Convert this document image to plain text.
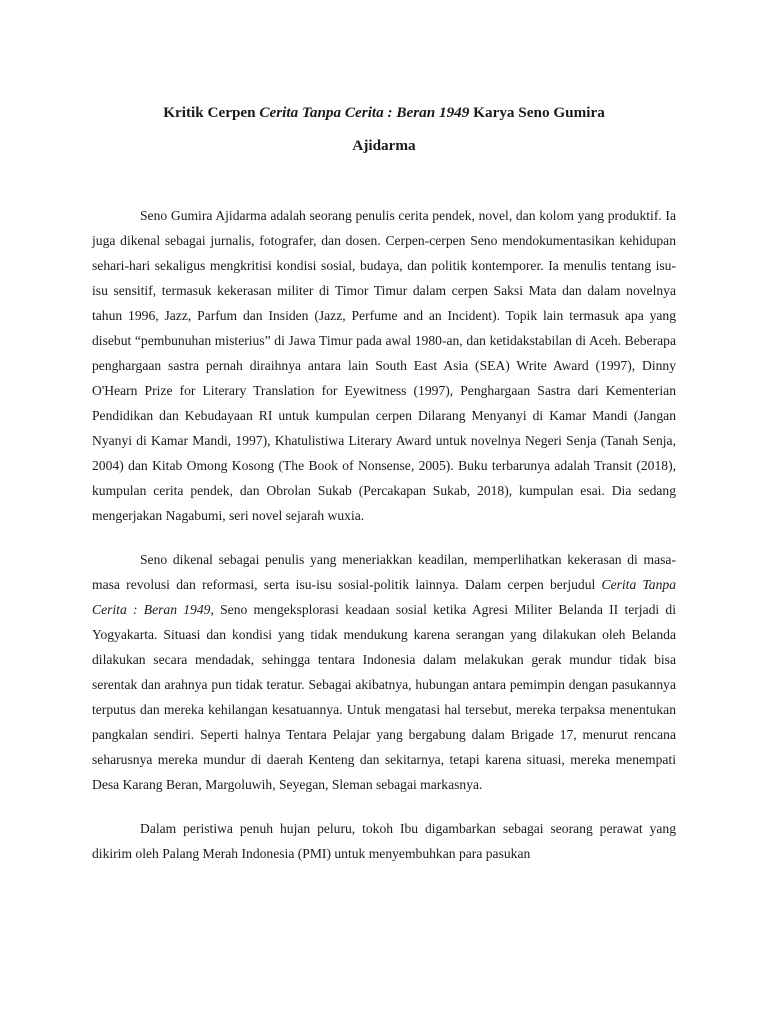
Kritik Cerpen Cerita Tanpa Cerita : Beran 1949 Karya Seno Gumira
Ajidarma

Seno Gumira Ajidarma adalah seorang penulis cerita pendek, novel, dan kolom yang produktif. Ia juga dikenal sebagai jurnalis, fotografer, dan dosen. Cerpen-cerpen Seno mendokumentasikan kehidupan sehari-hari sekaligus mengkritisi kondisi sosial, budaya, dan politik kontemporer. Ia menulis tentang isu-isu sensitif, termasuk kekerasan militer di Timor Timur dalam cerpen Saksi Mata dan dalam novelnya tahun 1996, Jazz, Parfum dan Insiden (Jazz, Perfume and an Incident). Topik lain termasuk apa yang disebut “pembunuhan misterius” di Jawa Timur pada awal 1980-an, dan ketidakstabilan di Aceh. Beberapa penghargaan sastra pernah diraihnya antara lain South East Asia (SEA) Write Award (1997), Dinny O'Hearn Prize for Literary Translation for Eyewitness (1997), Penghargaan Sastra dari Kementerian Pendidikan dan Kebudayaan RI untuk kumpulan cerpen Dilarang Menyanyi di Kamar Mandi (Jangan Nyanyi di Kamar Mandi, 1997), Khatulistiwa Literary Award untuk novelnya Negeri Senja (Tanah Senja, 2004) dan Kitab Omong Kosong (The Book of Nonsense, 2005). Buku terbarunya adalah Transit (2018), kumpulan cerita pendek, dan Obrolan Sukab (Percakapan Sukab, 2018), kumpulan esai. Dia sedang mengerjakan Nagabumi, seri novel sejarah wuxia.

Seno dikenal sebagai penulis yang meneriakkan keadilan, memperlihatkan kekerasan di masa-masa revolusi dan reformasi, serta isu-isu sosial-politik lainnya. Dalam cerpen berjudul Cerita Tanpa Cerita : Beran 1949, Seno mengeksplorasi keadaan sosial ketika Agresi Militer Belanda II terjadi di Yogyakarta. Situasi dan kondisi yang tidak mendukung karena serangan yang dilakukan oleh Belanda dilakukan secara mendadak, sehingga tentara Indonesia dalam melakukan gerak mundur tidak bisa serentak dan arahnya pun tidak teratur. Sebagai akibatnya, hubungan antara pemimpin dengan pasukannya terputus dan mereka kehilangan kesatuannya. Untuk mengatasi hal tersebut, mereka terpaksa menentukan pangkalan sendiri. Seperti halnya Tentara Pelajar yang bergabung dalam Brigade 17, menurut rencana seharusnya mereka mundur di daerah Kenteng dan sekitarnya, tetapi karena situasi, mereka menempati Desa Karang Beran, Margoluwih, Seyegan, Sleman sebagai markasnya.

Dalam peristiwa penuh hujan peluru, tokoh Ibu digambarkan sebagai seorang perawat yang dikirim oleh Palang Merah Indonesia (PMI) untuk menyembuhkan para pasukan
